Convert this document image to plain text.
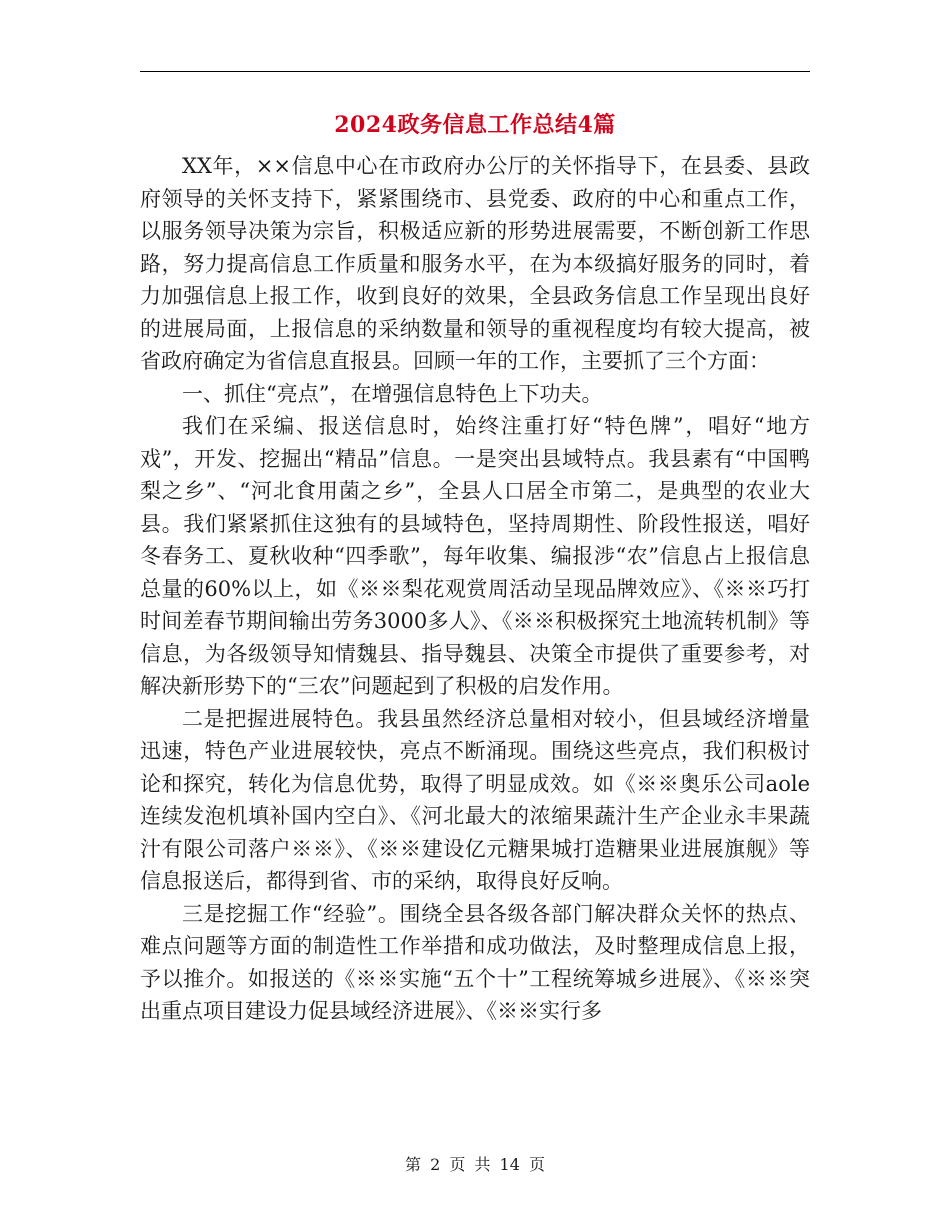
2024政务信息工作总结4篇

XX年，××信息中心在市政府办公厅的关怀指导下，在县委、县政府领导的关怀支持下，紧紧围绕市、县党委、政府的中心和重点工作，以服务领导决策为宗旨，积极适应新的形势进展需要，不断创新工作思路，努力提高信息工作质量和服务水平，在为本级搞好服务的同时，着力加强信息上报工作，收到良好的效果，全县政务信息工作呈现出良好的进展局面，上报信息的采纳数量和领导的重视程度均有较大提高，被省政府确定为省信息直报县。回顾一年的工作，主要抓了三个方面：

一、抓住“亮点”，在增强信息特色上下功夫。

我们在采编、报送信息时，始终注重打好“特色牌”，唱好“地方戏”，开发、挖掘出“精品”信息。一是突出县域特点。我县素有“中国鸭梨之乡”、“河北食用菌之乡”，全县人口居全市第二，是典型的农业大县。我们紧紧抓住这独有的县域特色，坚持周期性、阶段性报送，唱好冬春务工、夏秋收种“四季歌”，每年收集、编报涉“农”信息占上报信息总量的60%以上，如《※※梨花观赏周活动呈现品牌效应》、《※※巧打时间差春节期间输出劳务3000多人》、《※※积极探究土地流转机制》等信息，为各级领导知情魏县、指导魏县、决策全市提供了重要参考，对解决新形势下的“三农”问题起到了积极的启发作用。

二是把握进展特色。我县虽然经济总量相对较小，但县域经济增量迅速，特色产业进展较快，亮点不断涌现。围绕这些亮点，我们积极讨论和探究，转化为信息优势，取得了明显成效。如《※※奥乐公司aole连续发泡机填补国内空白》、《河北最大的浓缩果蔬汁生产企业永丰果蔬汁有限公司落户※※》、《※※建设亿元糖果城打造糖果业进展旗舰》等信息报送后，都得到省、市的采纳，取得良好反响。

三是挖掘工作“经验”。围绕全县各级各部门解决群众关怀的热点、难点问题等方面的制造性工作举措和成功做法，及时整理成信息上报，予以推介。如报送的《※※实施“五个十”工程统筹城乡进展》、《※※突出重点项目建设力促县域经济进展》、《※※实行多

第 2 页 共 14 页
